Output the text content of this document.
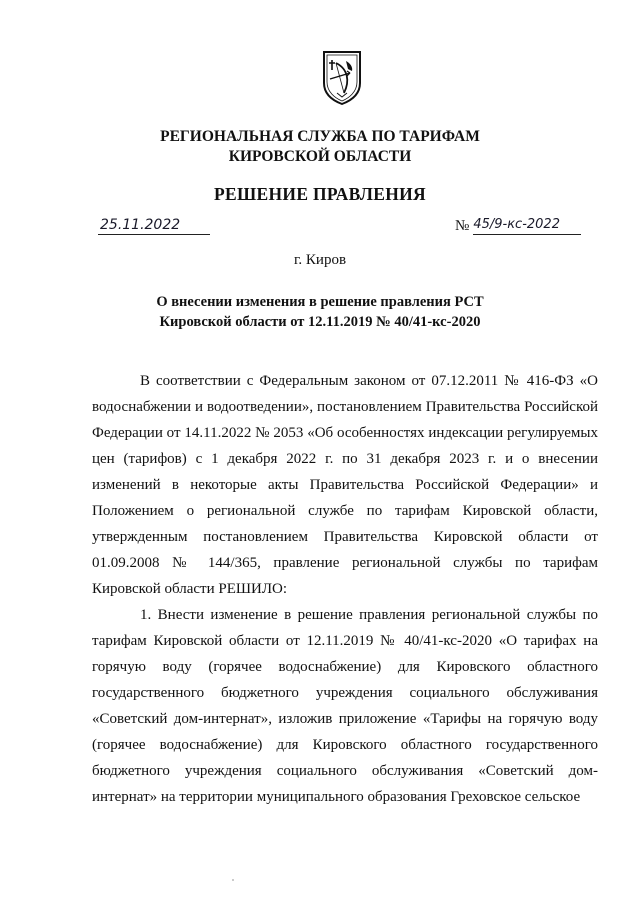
РЕГИОНАЛЬНАЯ СЛУЖБА ПО ТАРИФАМ
КИРОВСКОЙ ОБЛАСТИ
РЕШЕНИЕ ПРАВЛЕНИЯ
25.11.2022	№ 45/9-кс-2022
г. Киров
О внесении изменения в решение правления РСТ Кировской области от 12.11.2019 № 40/41-кс-2020

В соответствии с Федеральным законом от 07.12.2011 № 416-ФЗ «О водоснабжении и водоотведении», постановлением Правительства Российской Федерации от 14.11.2022 № 2053 «Об особенностях индексации регулируемых цен (тарифов) с 1 декабря 2022 г. по 31 декабря 2023 г. и о внесении изменений в некоторые акты Правительства Российской Федерации» и Положением о региональной службе по тарифам Кировской области, утвержденным постановлением Правительства Кировской области от 01.09.2008 № 144/365, правление региональной службы по тарифам Кировской области РЕШИЛО:

1. Внести изменение в решение правления региональной службы по тарифам Кировской области от 12.11.2019 № 40/41-кс-2020 «О тарифах на горячую воду (горячее водоснабжение) для Кировского областного государственного бюджетного учреждения социального обслуживания «Советский дом-интернат», изложив приложение «Тарифы на горячую воду (горячее водоснабжение) для Кировского областного государственного бюджетного учреждения социального обслуживания «Советский дом-интернат» на территории муниципального образования Греховское сельское
